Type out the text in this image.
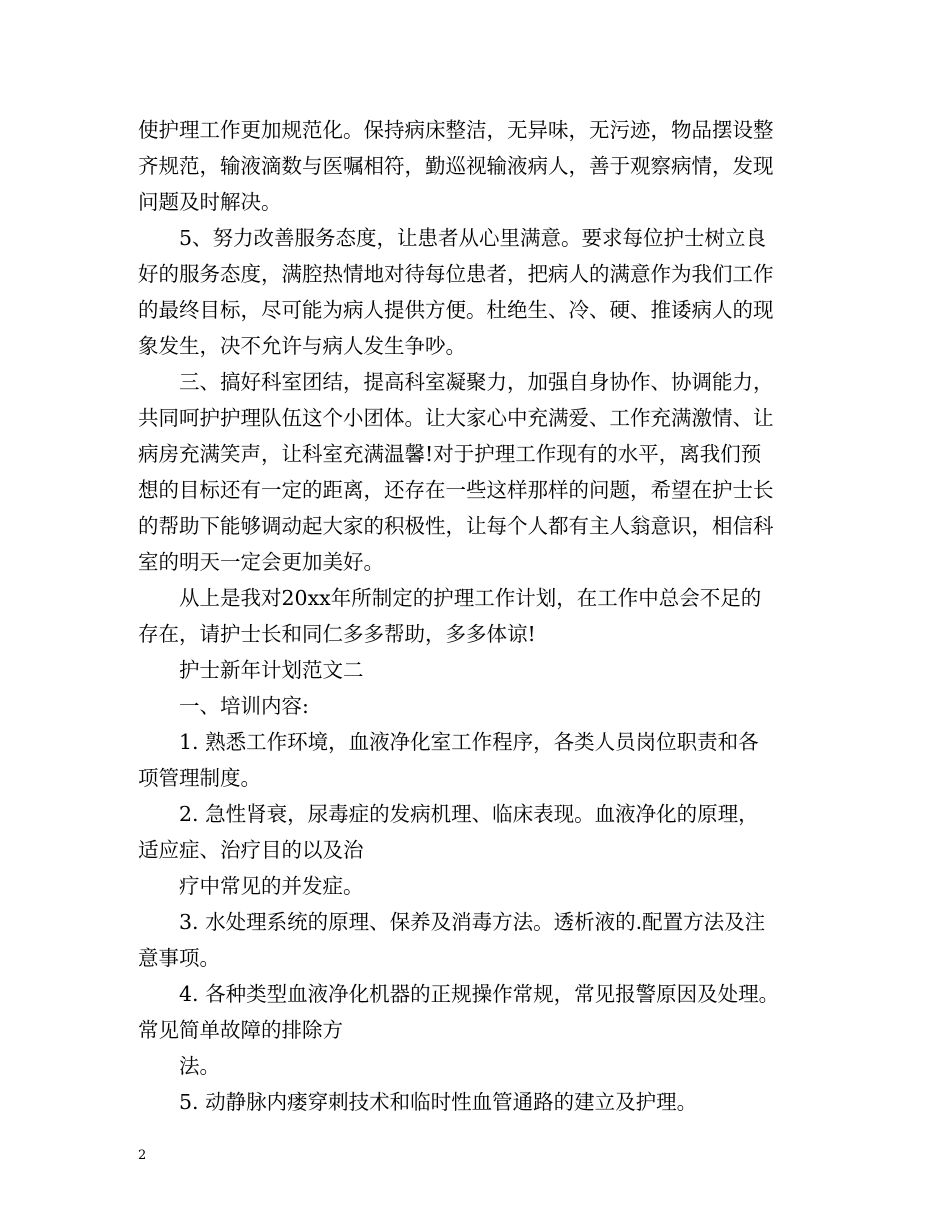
使护理工作更加规范化。保持病床整洁，无异味，无污迹，物品摆设整
齐规范，输液滴数与医嘱相符，勤巡视输液病人，善于观察病情，发现
问题及时解决。
5、努力改善服务态度，让患者从心里满意。要求每位护士树立良
好的服务态度，满腔热情地对待每位患者，把病人的满意作为我们工作
的最终目标，尽可能为病人提供方便。杜绝生、冷、硬、推诿病人的现
象发生，决不允许与病人发生争吵。
三、搞好科室团结，提高科室凝聚力，加强自身协作、协调能力，
共同呵护护理队伍这个小团体。让大家心中充满爱、工作充满激情、让
病房充满笑声，让科室充满温馨!对于护理工作现有的水平，离我们预
想的目标还有一定的距离，还存在一些这样那样的问题，希望在护士长
的帮助下能够调动起大家的积极性，让每个人都有主人翁意识，相信科
室的明天一定会更加美好。
从上是我对20xx年所制定的护理工作计划，在工作中总会不足的
存在，请护士长和同仁多多帮助，多多体谅!
护士新年计划范文二
一、培训内容:
1. 熟悉工作环境，血液净化室工作程序，各类人员岗位职责和各
项管理制度。
2. 急性肾衰，尿毒症的发病机理、临床表现。血液净化的原理，
适应症、治疗目的以及治
疗中常见的并发症。
3. 水处理系统的原理、保养及消毒方法。透析液的.配置方法及注
意事项。
4. 各种类型血液净化机器的正规操作常规，常见报警原因及处理。
常见简单故障的排除方
法。
5. 动静脉内瘘穿刺技术和临时性血管通路的建立及护理。
2
